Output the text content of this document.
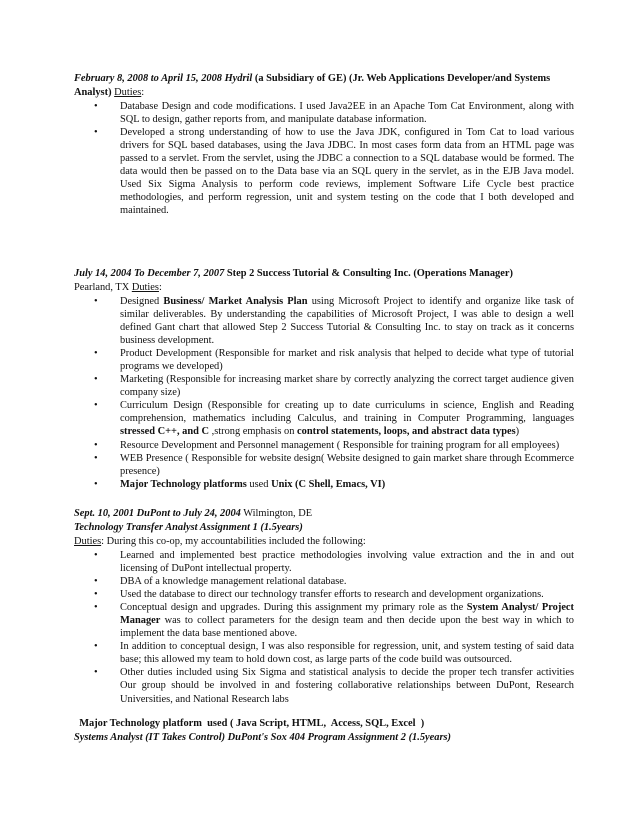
February 8, 2008 to April 15, 2008 Hydril (a Subsidiary of GE) (Jr. Web Applications Developer/and Systems
Analyst) Duties:
• Database Design and code modifications. I used Java2EE in an Apache Tom Cat Environment, along with SQL to design, gather reports from, and manipulate database information.
• Developed a strong understanding of how to use the Java JDK, configured in Tom Cat to load various drivers for SQL based databases, using the Java JDBC. In most cases form data from an HTML page was passed to a servlet. From the servlet, using the JDBC a connection to a SQL database would be formed. The data would then be passed on to the Data base via an SQL query in the servlet, as in the EJB Java model. Used Six Sigma Analysis to perform code reviews, implement Software Life Cycle best practice methodologies, and perform regression, unit and system testing on the code that I both developed and maintained.
July 14, 2004 To December 7, 2007 Step 2 Success Tutorial & Consulting Inc. (Operations Manager)
Pearland, TX Duties:
• Designed Business/ Market Analysis Plan using Microsoft Project to identify and organize like task of similar deliverables. By understanding the capabilities of Microsoft Project, I was able to design a well defined Gant chart that allowed Step 2 Success Tutorial & Consulting Inc. to stay on track as it concerns business development.
• Product Development (Responsible for market and risk analysis that helped to decide what type of tutorial programs we developed)
• Marketing (Responsible for increasing market share by correctly analyzing the correct target audience given company size)
• Curriculum Design (Responsible for creating up to date curriculums in science, English and Reading comprehension, mathematics including Calculus, and training in Computer Programming, languages stressed C++, and C ,strong emphasis on control statements, loops, and abstract data types)
• Resource Development and Personnel management ( Responsible for training program for all employees)
• WEB Presence ( Responsible for website design( Website designed to gain market share through Ecommerce presence)
• Major Technology platforms used Unix (C Shell, Emacs, VI)
Sept. 10, 2001 DuPont to July 24, 2004 Wilmington, DE
Technology Transfer Analyst Assignment 1 (1.5years)
Duties: During this co-op, my accountabilities included the following:
• Learned and implemented best practice methodologies involving value extraction and the in and out licensing of DuPont intellectual property.
• DBA of a knowledge management relational database.
• Used the database to direct our technology transfer efforts to research and development organizations.
• Conceptual design and upgrades. During this assignment my primary role as the System Analyst/ Project Manager was to collect parameters for the design team and then decide upon the best way in which to implement the data base mentioned above.
• In addition to conceptual design, I was also responsible for regression, unit, and system testing of said data base; this allowed my team to hold down cost, as large parts of the code build was outsourced.
• Other duties included using Six Sigma and statistical analysis to decide the proper tech transfer activities Our group should be involved in and fostering collaborative relationships between DuPont, Research Universities, and National Research labs
Major Technology platform  used ( Java Script, HTML,  Access, SQL, Excel  )
Systems Analyst (IT Takes Control) DuPont's Sox 404 Program Assignment 2 (1.5years)
